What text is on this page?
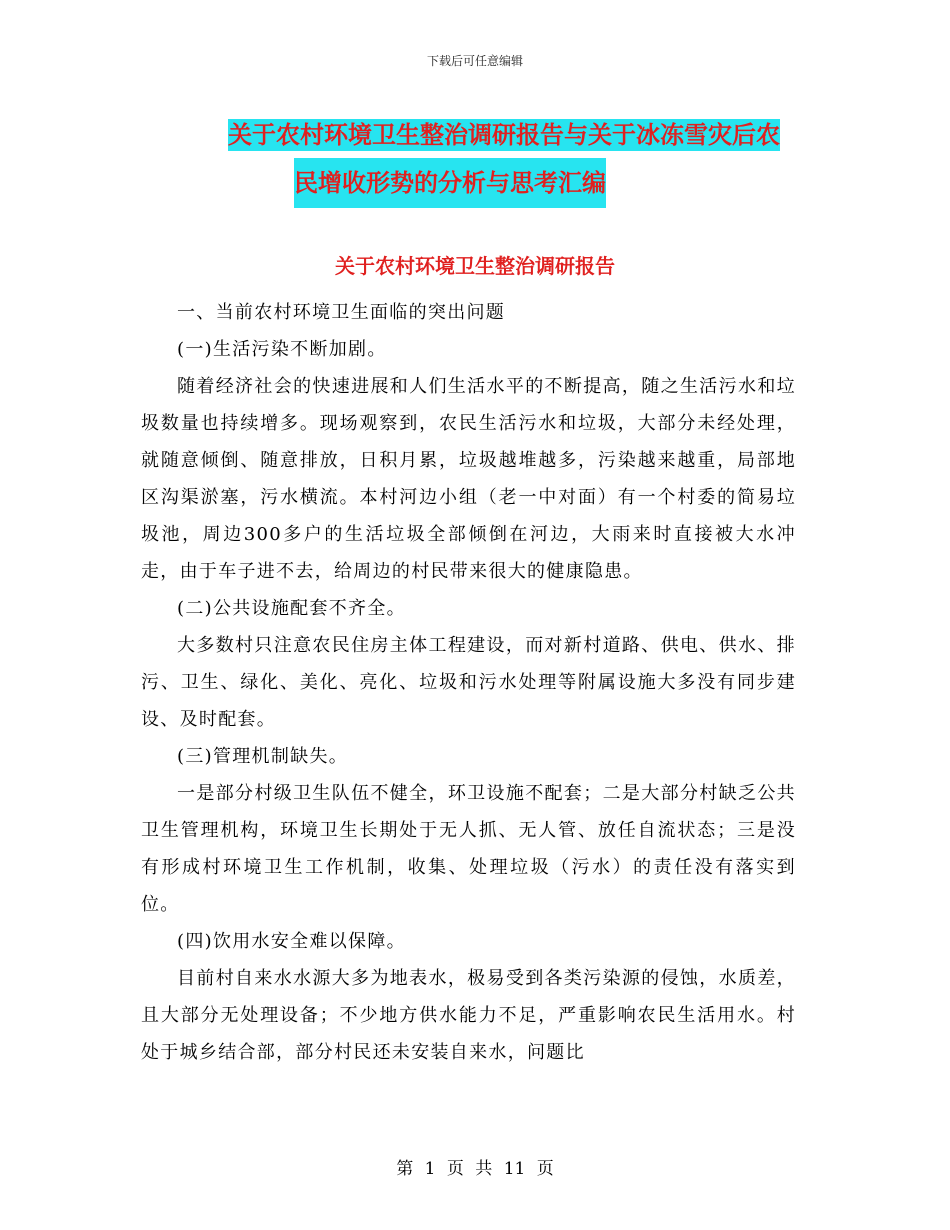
下载后可任意编辑
关于农村环境卫生整治调研报告与关于冰冻雪灾后农
民增收形势的分析与思考汇编
关于农村环境卫生整治调研报告

一、当前农村环境卫生面临的突出问题

(一)生活污染不断加剧。

随着经济社会的快速进展和人们生活水平的不断提高，随之生活污水和垃圾数量也持续增多。现场观察到，农民生活污水和垃圾，大部分未经处理，就随意倾倒、随意排放，日积月累，垃圾越堆越多，污染越来越重，局部地区沟渠淤塞，污水横流。本村河边小组（老一中对面）有一个村委的简易垃圾池，周边300多户的生活垃圾全部倾倒在河边，大雨来时直接被大水冲走，由于车子进不去，给周边的村民带来很大的健康隐患。

(二)公共设施配套不齐全。

大多数村只注意农民住房主体工程建设，而对新村道路、供电、供水、排污、卫生、绿化、美化、亮化、垃圾和污水处理等附属设施大多没有同步建设、及时配套。

(三)管理机制缺失。

一是部分村级卫生队伍不健全，环卫设施不配套；二是大部分村缺乏公共卫生管理机构，环境卫生长期处于无人抓、无人管、放任自流状态；三是没有形成村环境卫生工作机制，收集、处理垃圾（污水）的责任没有落实到位。

(四)饮用水安全难以保障。

目前村自来水水源大多为地表水，极易受到各类污染源的侵蚀，水质差，且大部分无处理设备；不少地方供水能力不足，严重影响农民生活用水。村处于城乡结合部，部分村民还未安装自来水，问题比

第 1 页 共 11 页
